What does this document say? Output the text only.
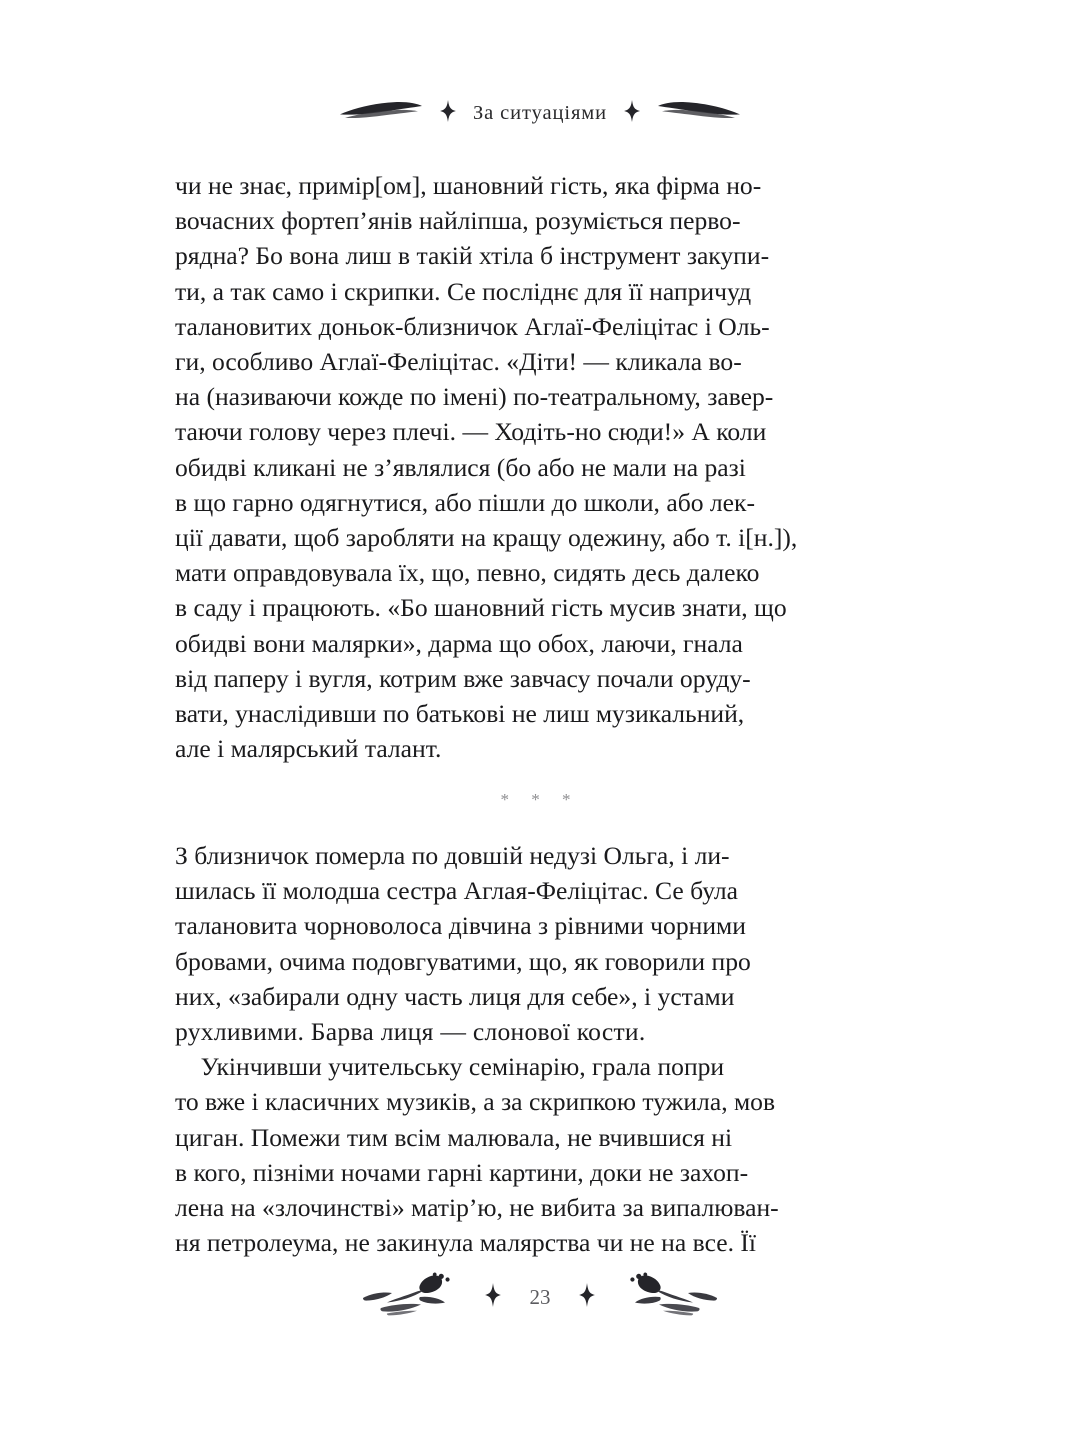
За ситуаціями
чи не знає, примір[ом], шановний гість, яка фірма но-
вочасних фортеп’янів найліпша, розуміється перво-
рядна? Бо вона лиш в такій хтіла б інструмент закупи-
ти, а так само і скрипки. Се посліднє для її напричуд
талановитих доньок-близничок Аглаї-Феліцітас і Оль-
ги, особливо Аглаї-Феліцітас. «Діти! — кликала во-
на (називаючи кожде по імені) по-театральному, завер-
таючи голову через плечі. — Ходіть-но сюди!» А коли
обидві кликані не з’являлися (бо або не мали на разі
в що гарно одягнутися, або пішли до школи, або лек-
ції давати, щоб заробляти на кращу одежину, або т. і[н.]),
мати оправдовувала їх, що, певно, сидять десь далеко
в саду і працюють. «Бо шановний гість мусив знати, що
обидві вони малярки», дарма що обох, лаючи, гнала
від паперу і вугля, котрим вже завчасу почали оруду-
вати, унаслідивши по батькові не лиш музикальний,
але і малярський талант.
* * *
З близничок померла по довшій недузі Ольга, і ли-
шилась її молодша сестра Аглая-Феліцітас. Се була
талановита чорноволоса дівчина з рівними чорними
бровами, очима подовгуватими, що, як говорили про
них, «забирали одну часть лиця для себе», і устами
рухливими. Барва лиця — слонової кости.
Укінчивши учительську семінарію, грала попри
то вже і класичних музиків, а за скрипкою тужила, мов
циган. Помежи тим всім малювала, не вчившися ні
в кого, пізніми ночами гарні картини, доки не захоп-
лена на «злочинстві» матір’ю, не вибита за випалюван-
ня петролеума, не закинула малярства чи не на все. Її
23
